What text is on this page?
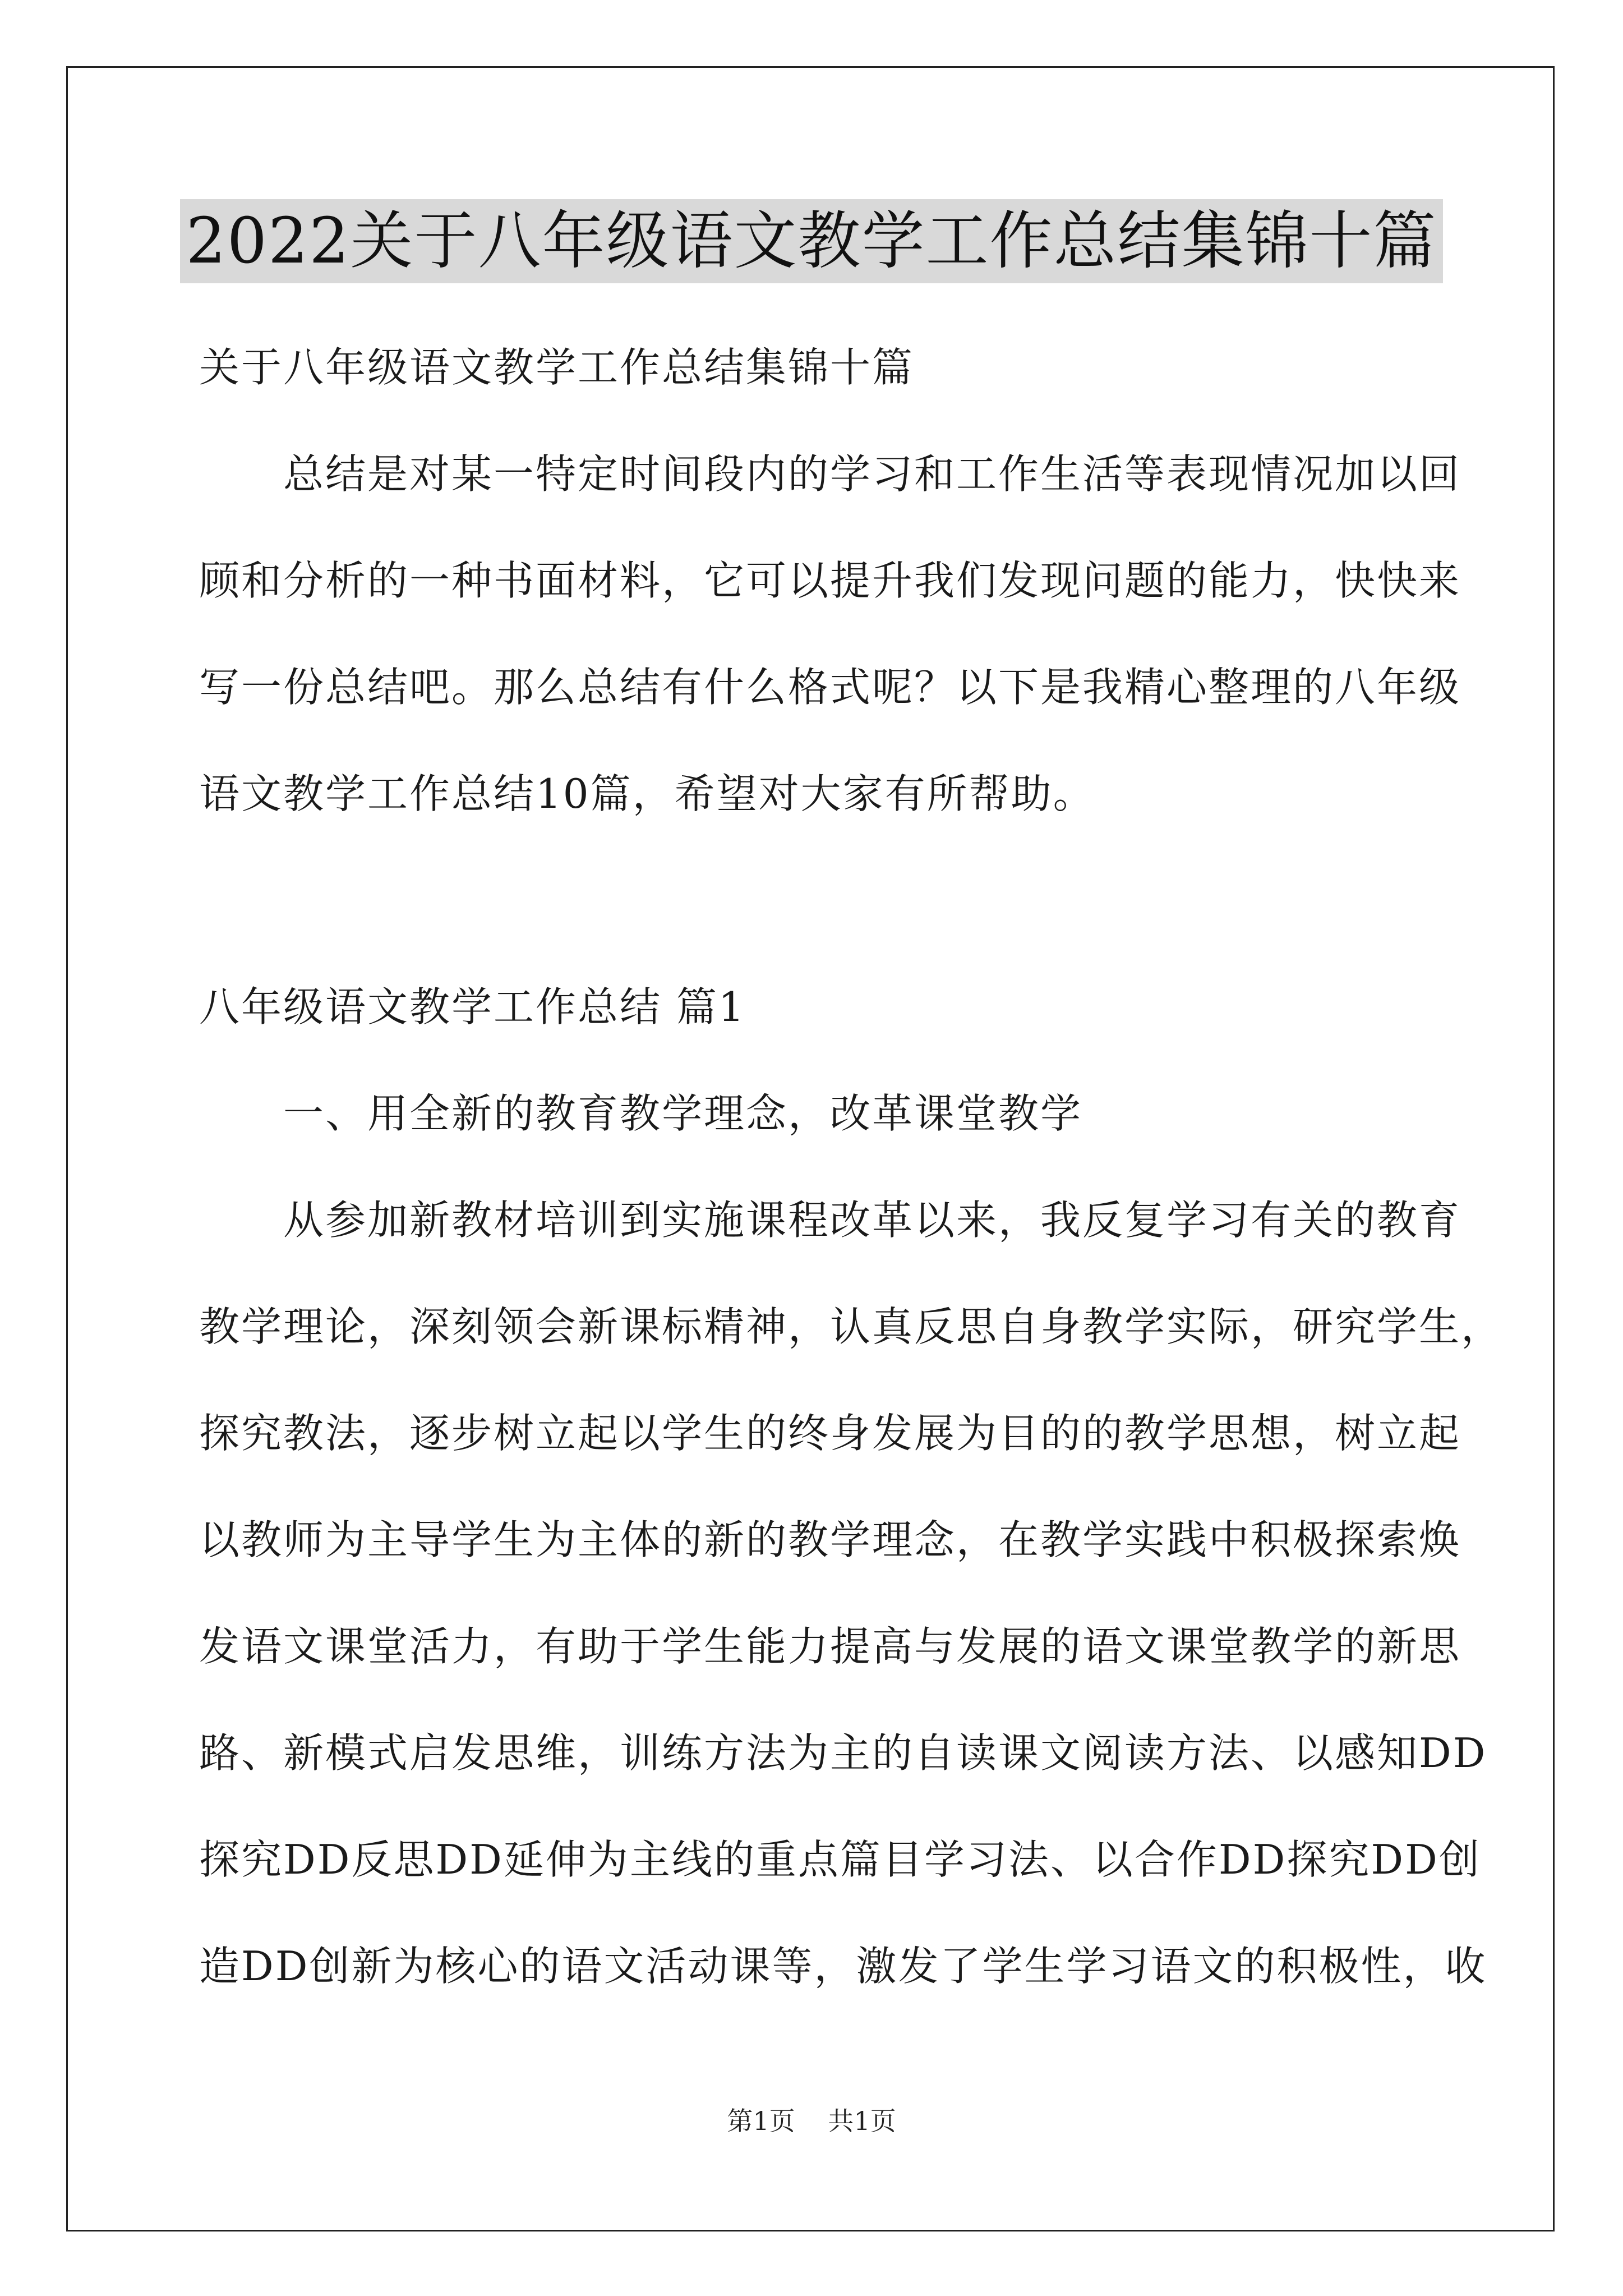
2022关于八年级语文教学工作总结集锦十篇

关于八年级语文教学工作总结集锦十篇

总结是对某一特定时间段内的学习和工作生活等表现情况加以回

顾和分析的一种书面材料，它可以提升我们发现问题的能力，快快来

写一份总结吧。那么总结有什么格式呢？以下是我精心整理的八年级

语文教学工作总结10篇，希望对大家有所帮助。

八年级语文教学工作总结 篇1

一、用全新的教育教学理念，改革课堂教学

从参加新教材培训到实施课程改革以来，我反复学习有关的教育

教学理论，深刻领会新课标精神，认真反思自身教学实际，研究学生，

探究教法，逐步树立起以学生的终身发展为目的的教学思想，树立起

以教师为主导学生为主体的新的教学理念，在教学实践中积极探索焕

发语文课堂活力，有助于学生能力提高与发展的语文课堂教学的新思

路、新模式启发思维，训练方法为主的自读课文阅读方法、以感知DD

探究DD反思DD延伸为主线的重点篇目学习法、以合作DD探究DD创

造DD创新为核心的语文活动课等，激发了学生学习语文的积极性，收

第1页 共1页
